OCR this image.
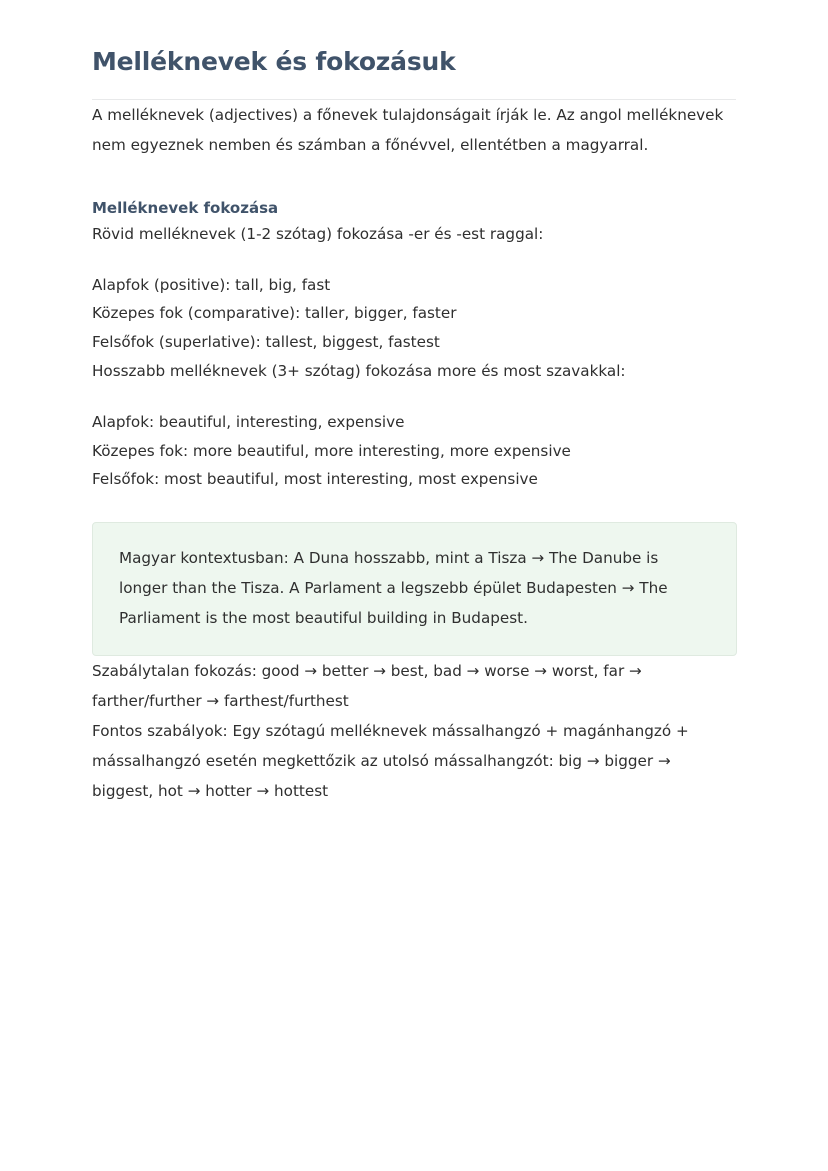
Melléknevek és fokozásuk

A melléknevek (adjectives) a főnevek tulajdonságait írják le. Az angol melléknevek nem egyeznek nemben és számban a főnévvel, ellentétben a magyarral.

Melléknevek fokozása

Rövid melléknevek (1-2 szótag) fokozása -er és -est raggal:

Alapfok (positive): tall, big, fast
Közepes fok (comparative): taller, bigger, faster
Felsőfok (superlative): tallest, biggest, fastest

Hosszabb melléknevek (3+ szótag) fokozása more és most szavakkal:

Alapfok: beautiful, interesting, expensive
Közepes fok: more beautiful, more interesting, more expensive
Felsőfok: most beautiful, most interesting, most expensive

Magyar kontextusban: A Duna hosszabb, mint a Tisza → The Danube is longer than the Tisza. A Parlament a legszebb épület Budapesten → The Parliament is the most beautiful building in Budapest.

Szabálytalan fokozás: good → better → best, bad → worse → worst, far → farther/further → farthest/furthest

Fontos szabályok: Egy szótagú melléknevek mássalhangzó + magánhangzó + mássalhangzó esetén megkettőzik az utolsó mássalhangzót: big → bigger → biggest, hot → hotter → hottest
